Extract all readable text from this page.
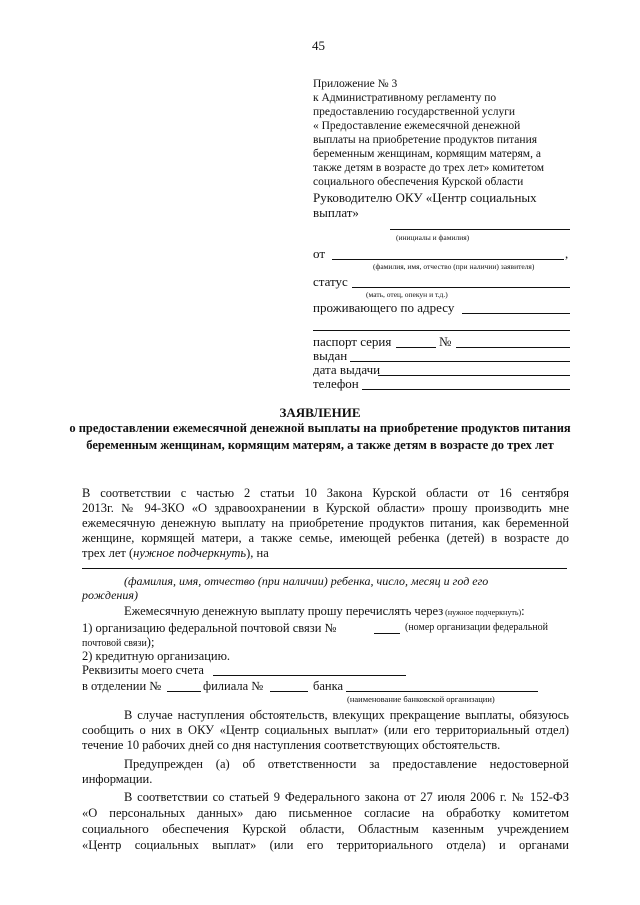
45
Приложение № 3
к Административному регламенту по
предоставлению государственной услуги
« Предоставление ежемесячной денежной
выплаты на приобретение продуктов питания
беременным женщинам, кормящим матерям, а
также детям в возрасте до трех лет» комитетом
социального обеспечения Курской области
Руководителю ОКУ «Центр социальных
выплат»
(инициалы и фамилия)
от	,
(фамилия, имя, отчество (при наличии) заявителя)
статус
(мать, отец, опекун и т.д.)
проживающего по адресу
паспорт серия	№
выдан
дата выдачи
телефон
ЗАЯВЛЕНИЕ
о предоставлении ежемесячной денежной выплаты на приобретение продуктов питания беременным женщинам, кормящим матерям, а также детям в возрасте до трех лет
В соответствии с частью 2 статьи 10 Закона Курской области от 16 сентября
2013г. № 94-ЗКО «О здравоохранении в Курской области» прошу производить мне
ежемесячную денежную выплату на приобретение продуктов питания, как беременной
женщине, кормящей матери, а также семье, имеющей ребенка (детей) в возрасте до
трех лет (нужное подчеркнуть), на
(фамилия, имя, отчество (при наличии) ребенка, число, месяц и год его
рождения)
Ежемесячную денежную выплату прошу перечислять через (нужное подчеркнуть):
1) организацию федеральной почтовой связи №	(номер организации федеральной
почтовой связи);
2) кредитную организацию.
Реквизиты моего счета
в отделении №	филиала №	банка
(наименование банковской организации)
В случае наступления обстоятельств, влекущих прекращение выплаты, обязуюсь
сообщить о них в ОКУ «Центр социальных выплат» (или его территориальный отдел)
течение 10 рабочих дней со дня наступления соответствующих обстоятельств.
Предупрежден (а) об ответственности за предоставление недостоверной
информации.
В соответствии со статьей 9 Федерального закона от 27 июля 2006 г. № 152-ФЗ
«О персональных данных» даю письменное согласие на обработку комитетом
социального обеспечения Курской области, Областным казенным учреждением
«Центр социальных выплат» (или его территориального отдела) и органами
